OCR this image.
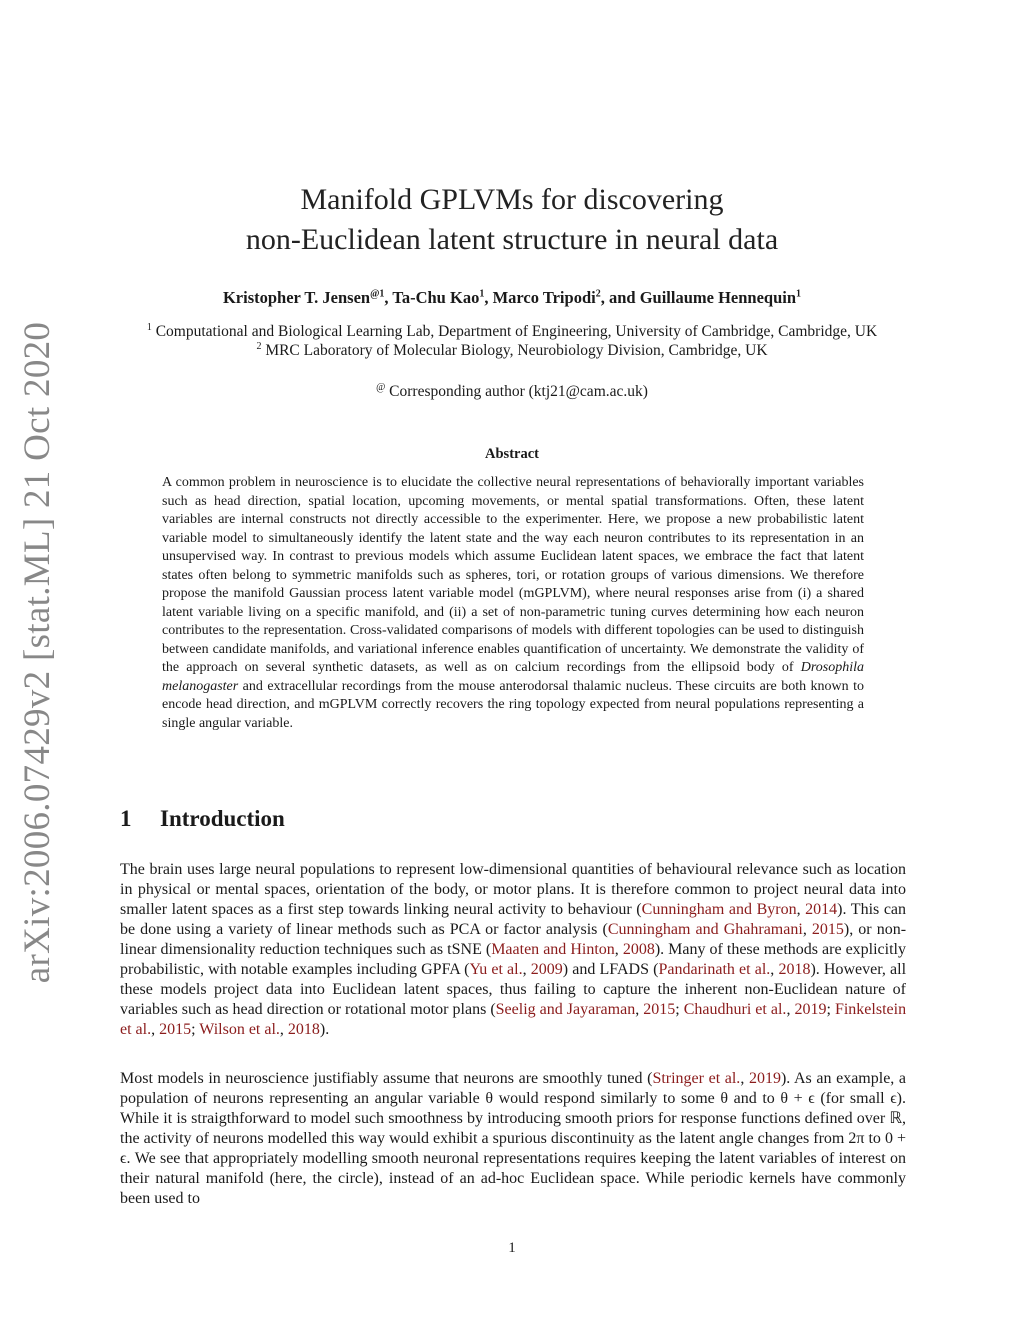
arXiv:2006.07429v2 [stat.ML] 21 Oct 2020
Manifold GPLVMs for discovering
non-Euclidean latent structure in neural data
Kristopher T. Jensen$^{@1}$, Ta-Chu Kao$^1$, Marco Tripodi$^2$, and Guillaume Hennequin$^1$
$^1$ Computational and Biological Learning Lab, Department of Engineering, University of Cambridge, Cambridge, UK
$^2$ MRC Laboratory of Molecular Biology, Neurobiology Division, Cambridge, UK
@ Corresponding author (ktj21@cam.ac.uk)
Abstract
A common problem in neuroscience is to elucidate the collective neural representations of behaviorally important variables such as head direction, spatial location, upcoming movements, or mental spatial transformations. Often, these latent variables are internal constructs not directly accessible to the experimenter. Here, we propose a new probabilistic latent variable model to simultaneously identify the latent state and the way each neuron contributes to its representation in an unsupervised way. In contrast to previous models which assume Euclidean latent spaces, we embrace the fact that latent states often belong to symmetric manifolds such as spheres, tori, or rotation groups of various dimensions. We therefore propose the manifold Gaussian process latent variable model (mGPLVM), where neural responses arise from (i) a shared latent variable living on a specific manifold, and (ii) a set of non-parametric tuning curves determining how each neuron contributes to the representation. Cross-validated comparisons of models with different topologies can be used to distinguish between candidate manifolds, and variational inference enables quantification of uncertainty. We demonstrate the validity of the approach on several synthetic datasets, as well as on calcium recordings from the ellipsoid body of Drosophila melanogaster and extracellular recordings from the mouse anterodorsal thalamic nucleus. These circuits are both known to encode head direction, and mGPLVM correctly recovers the ring topology expected from neural populations representing a single angular variable.
1 Introduction

The brain uses large neural populations to represent low-dimensional quantities of behavioural relevance such as location in physical or mental spaces, orientation of the body, or motor plans. It is therefore common to project neural data into smaller latent spaces as a first step towards linking neural activity to behaviour (Cunningham and Byron, 2014). This can be done using a variety of linear methods such as PCA or factor analysis (Cunningham and Ghahramani, 2015), or non-linear dimensionality reduction techniques such as tSNE (Maaten and Hinton, 2008). Many of these methods are explicitly probabilistic, with notable examples including GPFA (Yu et al., 2009) and LFADS (Pandarinath et al., 2018). However, all these models project data into Euclidean latent spaces, thus failing to capture the inherent non-Euclidean nature of variables such as head direction or rotational motor plans (Seelig and Jayaraman, 2015; Chaudhuri et al., 2019; Finkelstein et al., 2015; Wilson et al., 2018).

Most models in neuroscience justifiably assume that neurons are smoothly tuned (Stringer et al., 2019). As an example, a population of neurons representing an angular variable θ would respond similarly to some θ and to θ + ϵ (for small ϵ). While it is straigthforward to model such smoothness by introducing smooth priors for response functions defined over ℝ, the activity of neurons modelled this way would exhibit a spurious discontinuity as the latent angle changes from 2π to 0 + ϵ. We see that appropriately modelling smooth neuronal representations requires keeping the latent variables of interest on their natural manifold (here, the circle), instead of an ad-hoc Euclidean space. While periodic kernels have commonly been used to

1
